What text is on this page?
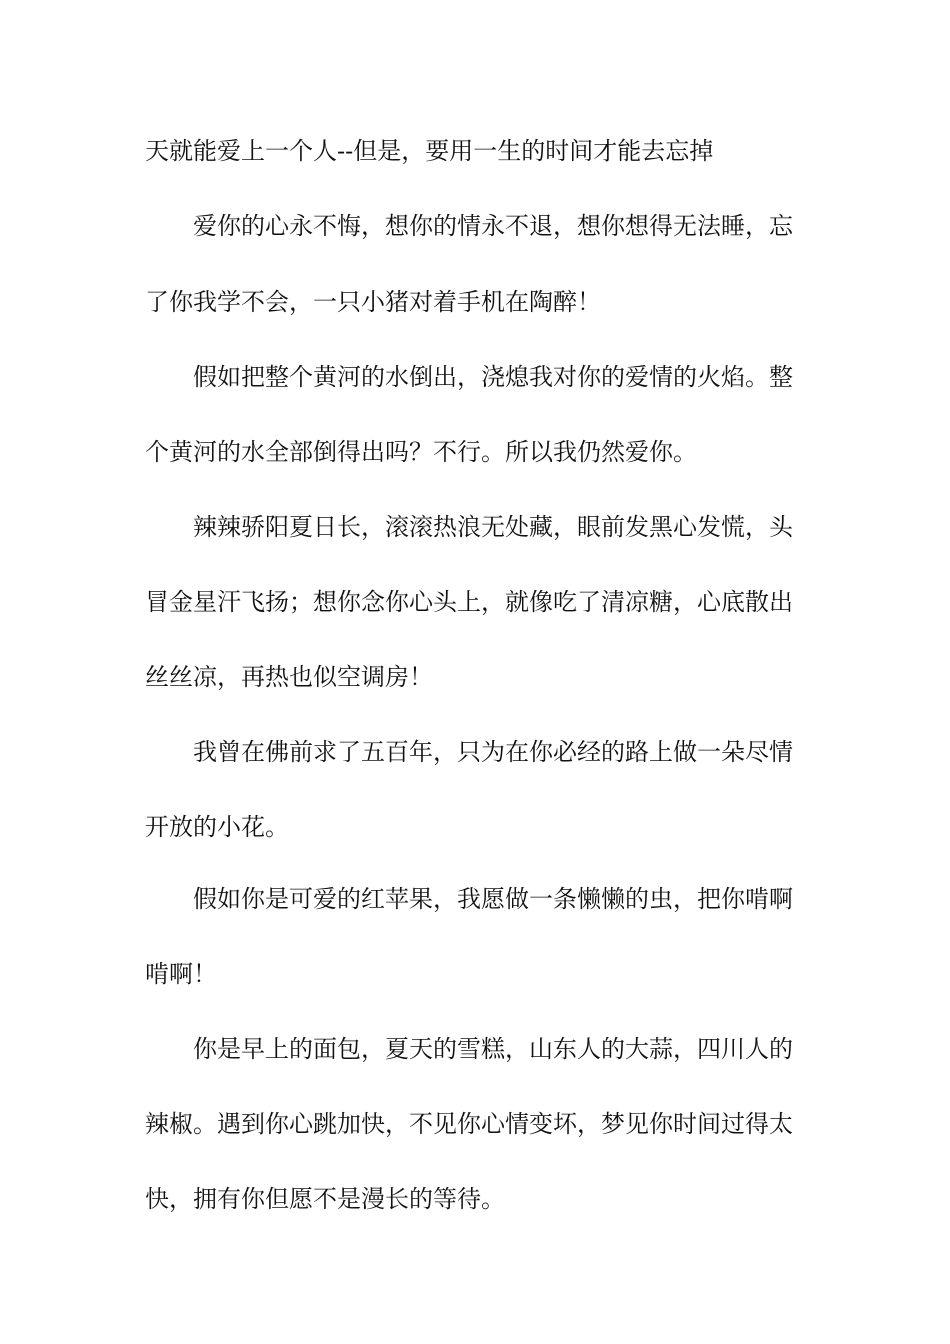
天就能爱上一个人--但是，要用一生的时间才能去忘掉
爱你的心永不悔，想你的情永不退，想你想得无法睡，忘
了你我学不会，一只小猪对着手机在陶醉！
假如把整个黄河的水倒出，浇熄我对你的爱情的火焰。整
个黄河的水全部倒得出吗？不行。所以我仍然爱你。
辣辣骄阳夏日长，滚滚热浪无处藏，眼前发黑心发慌，头
冒金星汗飞扬；想你念你心头上，就像吃了清凉糖，心底散出
丝丝凉，再热也似空调房！
我曾在佛前求了五百年，只为在你必经的路上做一朵尽情
开放的小花。
假如你是可爱的红苹果，我愿做一条懒懒的虫，把你啃啊
啃啊！
你是早上的面包，夏天的雪糕，山东人的大蒜，四川人的
辣椒。遇到你心跳加快，不见你心情变坏，梦见你时间过得太
快，拥有你但愿不是漫长的等待。
